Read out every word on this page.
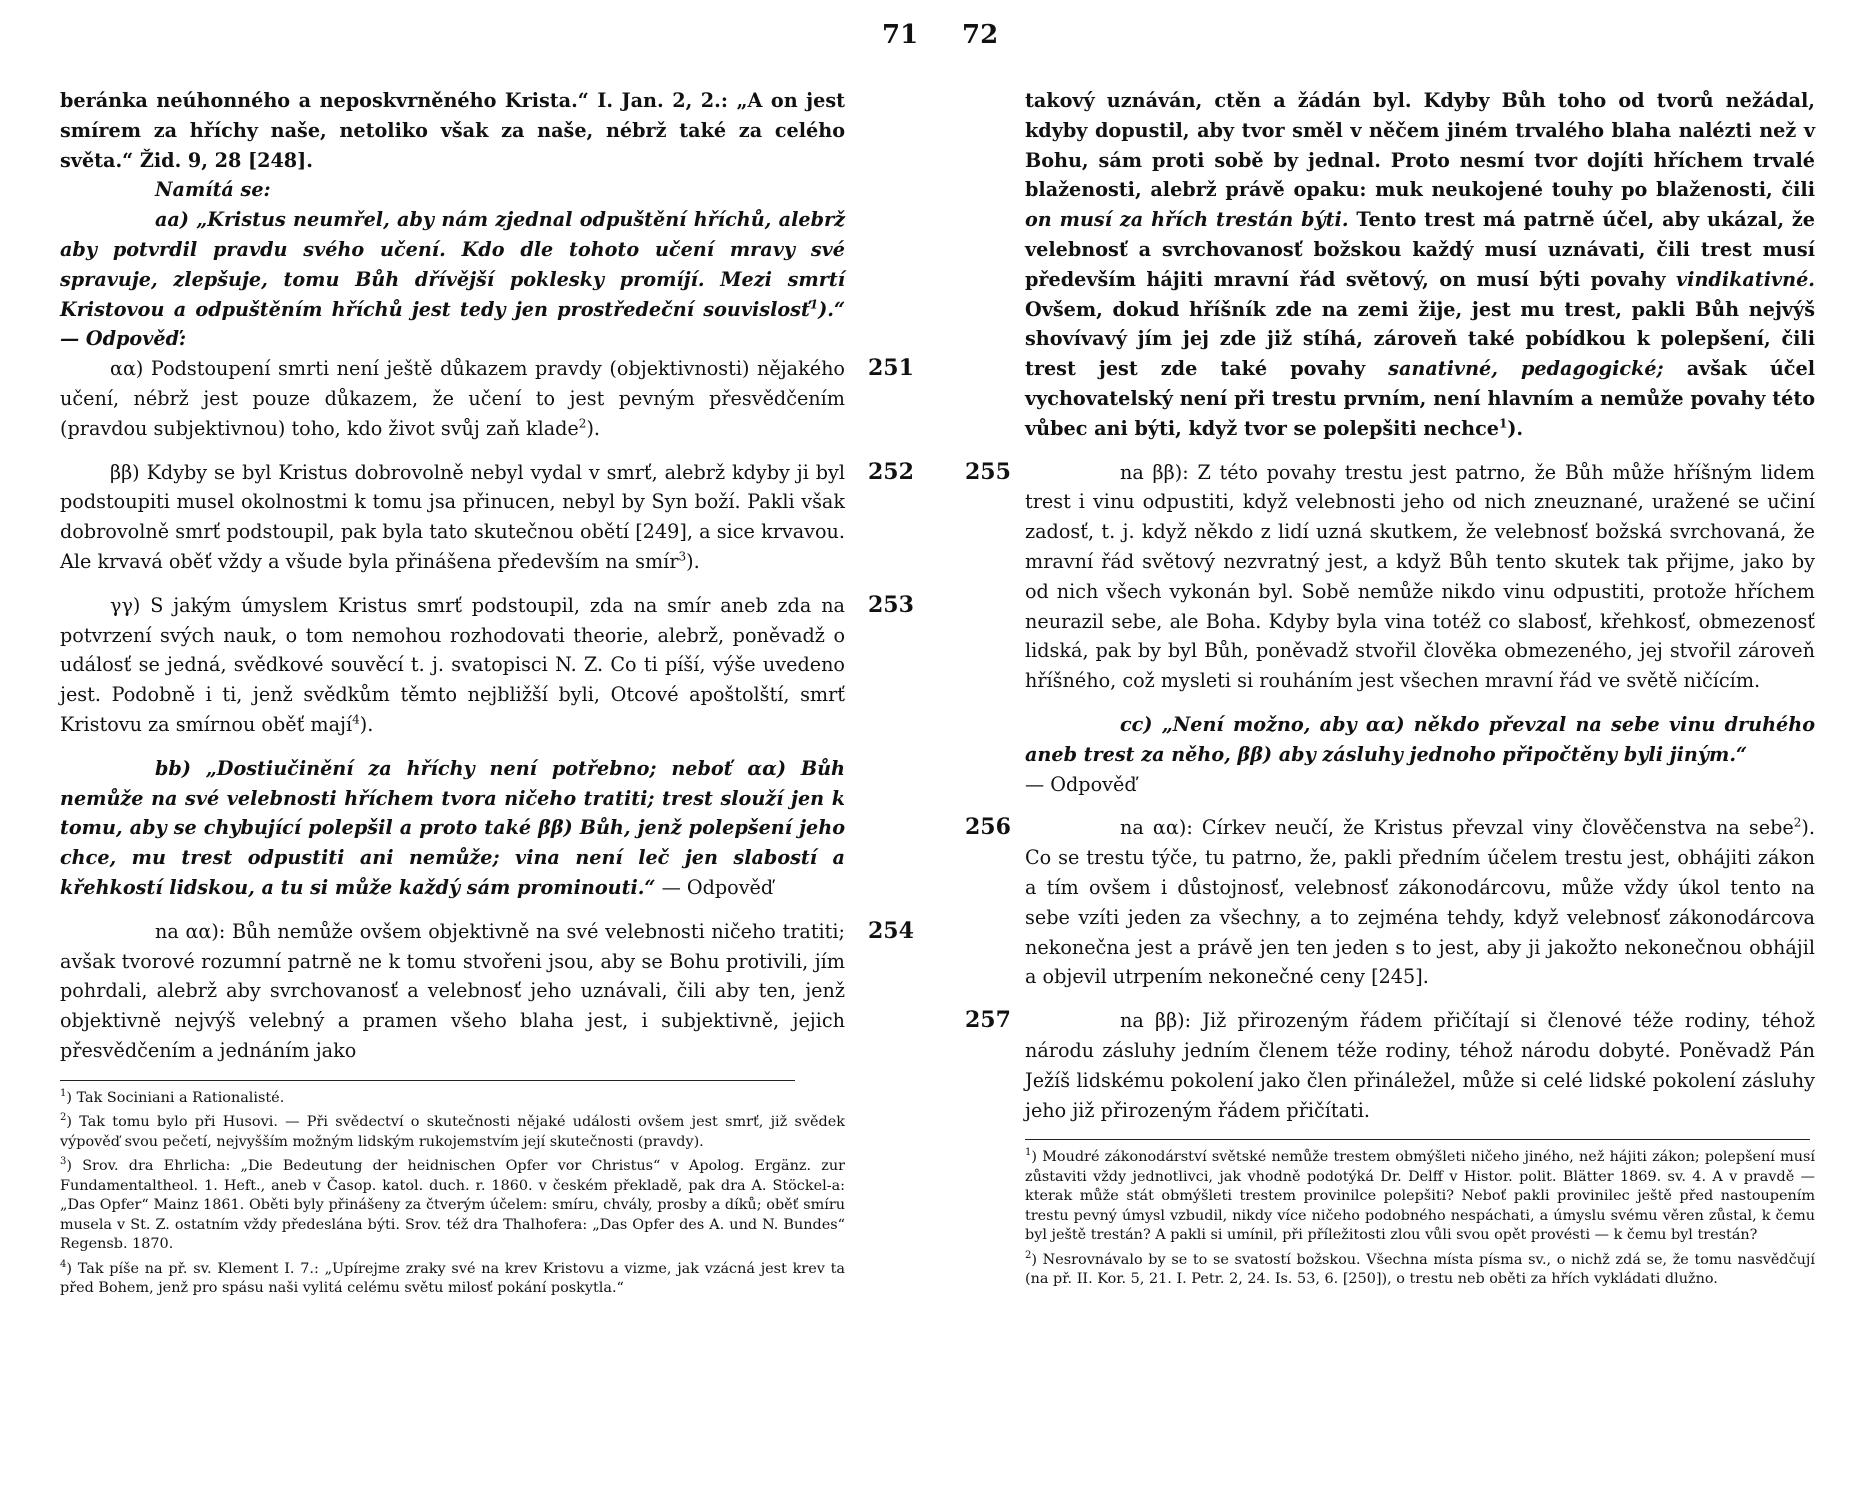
71 72

beránka neúhonného a neposkvrněného Krista.“ I. Jan. 2, 2.: „A on jest smírem za hříchy naše, netoliko však za naše, nébrž také za celého světa.“ Žid. 9, 28 [248].

Namítá se:

aa) „Kristus neumřel, aby nám zjednal odpuštění hříchů, alebrž aby potvrdil pravdu svého učení. Kdo dle tohoto učení mravy své spravuje, zlepšuje, tomu Bůh dřívější poklesky promíjí. Mezi smrtí Kristovou a odpuštěním hříchů jest tedy jen prostředeční souvislosť$^1$).“ — Odpověď:

251

αα) Podstoupení smrti není ještě důkazem pravdy (objektivnosti) nějakého učení, nébrž jest pouze důkazem, že učení to jest pevným přesvědčením (pravdou subjektivnou) toho, kdo život svůj zaň klade$^2$).

252

ββ) Kdyby se byl Kristus dobrovolně nebyl vydal v smrť, alebrž kdyby ji byl podstoupiti musel okolnostmi k tomu jsa přinucen, nebyl by Syn boží. Pakli však dobrovolně smrť podstoupil, pak byla tato skutečnou obětí [249], a sice krvavou. Ale krvavá oběť vždy a všude byla přinášena především na smír$^3$).

253

γγ) S jakým úmyslem Kristus smrť podstoupil, zda na smír aneb zda na potvrzení svých nauk, o tom nemohou rozhodovati theorie, alebrž, poněvadž o událosť se jedná, svědkové souvěcí t. j. svatopisci N. Z. Co ti píší, výše uvedeno jest. Podobně i ti, jenž svědkům těmto nejbližší byli, Otcové apoštolští, smrť Kristovu za smírnou oběť mají$^4$).

bb) „Dostiučinění za hříchy není potřebno; neboť αα) Bůh nemůže na své velebnosti hříchem tvora ničeho tratiti; trest slouží jen k tomu, aby se chybující polepšil a proto také ββ) Bůh, jenž polepšení jeho chce, mu trest odpustiti ani nemůže; vina není leč jen slabostí a křehkostí lidskou, a tu si může každý sám prominouti.“ — Odpověď

254

na αα): Bůh nemůže ovšem objektivně na své velebnosti ničeho tratiti; avšak tvorové rozumní patrně ne k tomu stvořeni jsou, aby se Bohu protivili, jím pohrdali, alebrž aby svrchovanosť a velebnosť jeho uznávali, čili aby ten, jenž objektivně nejvýš velebný a pramen všeho blaha jest, i subjektivně, jejich přesvědčením a jednáním jako

$^1$) Tak Sociniani a Rationalisté.

$^2$) Tak tomu bylo při Husovi. — Při svědectví o skutečnosti nějaké události ovšem jest smrť, již svědek výpověď svou pečetí, nejvyšším možným lidským rukojemstvím její skutečnosti (pravdy).

$^3$) Srov. dra Ehrlicha: „Die Bedeutung der heidnischen Opfer vor Christus“ v Apolog. Ergänz. zur Fundamentaltheol. 1. Heft., aneb v Časop. katol. duch. r. 1860. v českém překladě, pak dra A. Stöckel-a: „Das Opfer“ Mainz 1861. Oběti byly přinášeny za čtverým účelem: smíru, chvály, prosby a díků; oběť smíru musela v St. Z. ostatním vždy předeslána býti. Srov. též dra Thalhofera: „Das Opfer des A. und N. Bundes“ Regensb. 1870.

$^4$) Tak píše na př. sv. Klement I. 7.: „Upírejme zraky své na krev Kristovu a vizme, jak vzácná jest krev ta před Bohem, jenž pro spásu naši vylitá celému světu milosť pokání poskytla.“

takový uznáván, ctěn a žádán byl. Kdyby Bůh toho od tvorů nežádal, kdyby dopustil, aby tvor směl v něčem jiném trvalého blaha nalézti než v Bohu, sám proti sobě by jednal. Proto nesmí tvor dojíti hříchem trvalé blaženosti, alebrž právě opaku: muk neukojené touhy po blaženosti, čili on musí za hřích trestán býti. Tento trest má patrně účel, aby ukázal, že velebnosť a svrchovanosť božskou každý musí uznávati, čili trest musí především hájiti mravní řád světový, on musí býti povahy vindikativné. Ovšem, dokud hříšník zde na zemi žije, jest mu trest, pakli Bůh nejvýš shovívavý jím jej zde již stíhá, zároveň také pobídkou k polepšení, čili trest jest zde také povahy sanativné, pedagogické; avšak účel vychovatelský není při trestu prvním, není hlavním a nemůže povahy této vůbec ani býti, když tvor se polepšiti nechce$^1$).

255	na ββ): Z této povahy trestu jest patrno, že Bůh může hříšným lidem trest i vinu odpustiti, když velebnosti jeho od nich zneuznané, uražené se učiní zadosť, t. j. když někdo z lidí uzná skutkem, že velebnosť božská svrchovaná, že mravní řád světový nezvratný jest, a když Bůh tento skutek tak přijme, jako by od nich všech vykonán byl. Sobě nemůže nikdo vinu odpustiti, protože hříchem neurazil sebe, ale Boha. Kdyby byla vina totéž co slabosť, křehkosť, obmezenosť lidská, pak by byl Bůh, poněvadž stvořil člověka obmezeného, jej stvořil zároveň hříšného, což mysleti si rouháním jest všechen mravní řád ve světě ničícím.

cc) „Není možno, aby αα) někdo převzal na sebe vinu druhého aneb trest za něho, ββ) aby zásluhy jednoho připočtěny byli jiným.“
— Odpověď

256	na αα): Církev neučí, že Kristus převzal viny člověčenstva na sebe$^2$). Co se trestu týče, tu patrno, že, pakli předním účelem trestu jest, obhájiti zákon a tím ovšem i důstojnosť, velebnosť zákonodárcovu, může vždy úkol tento na sebe vzíti jeden za všechny, a to zejména tehdy, když velebnosť zákonodárcova nekonečna jest a právě jen ten jeden s to jest, aby ji jakožto nekonečnou obhájil a objevil utrpením nekonečné ceny [245].

257	na ββ): Již přirozeným řádem přičítají si členové téže rodiny, téhož národu zásluhy jedním členem téže rodiny, téhož národu dobyté. Poněvadž Pán Ježíš lidskému pokolení jako člen přináležel, může si celé lidské pokolení zásluhy jeho již přirozeným řádem přičítati.

$^1$) Moudré zákonodárství světské nemůže trestem obmýšleti ničeho jiného, než hájiti zákon; polepšení musí zůstaviti vždy jednotlivci, jak vhodně podotýká Dr. Delff v Histor. polit. Blätter 1869. sv. 4. A v pravdě — kterak může stát obmýšleti trestem provinilce polepšiti? Neboť pakli provinilec ještě před nastoupením trestu pevný úmysl vzbudil, nikdy více ničeho podobného nespáchati, a úmyslu svému věren zůstal, k čemu byl ještě trestán? A pakli si umínil, při příležitosti zlou vůli svou opět provésti — k čemu byl trestán?

$^2$) Nesrovnávalo by se to se svatostí božskou. Všechna místa písma sv., o nichž zdá se, že tomu nasvědčují (na př. II. Kor. 5, 21. I. Petr. 2, 24. Is. 53, 6. [250]), o trestu neb oběti za hřích vykládati dlužno.
